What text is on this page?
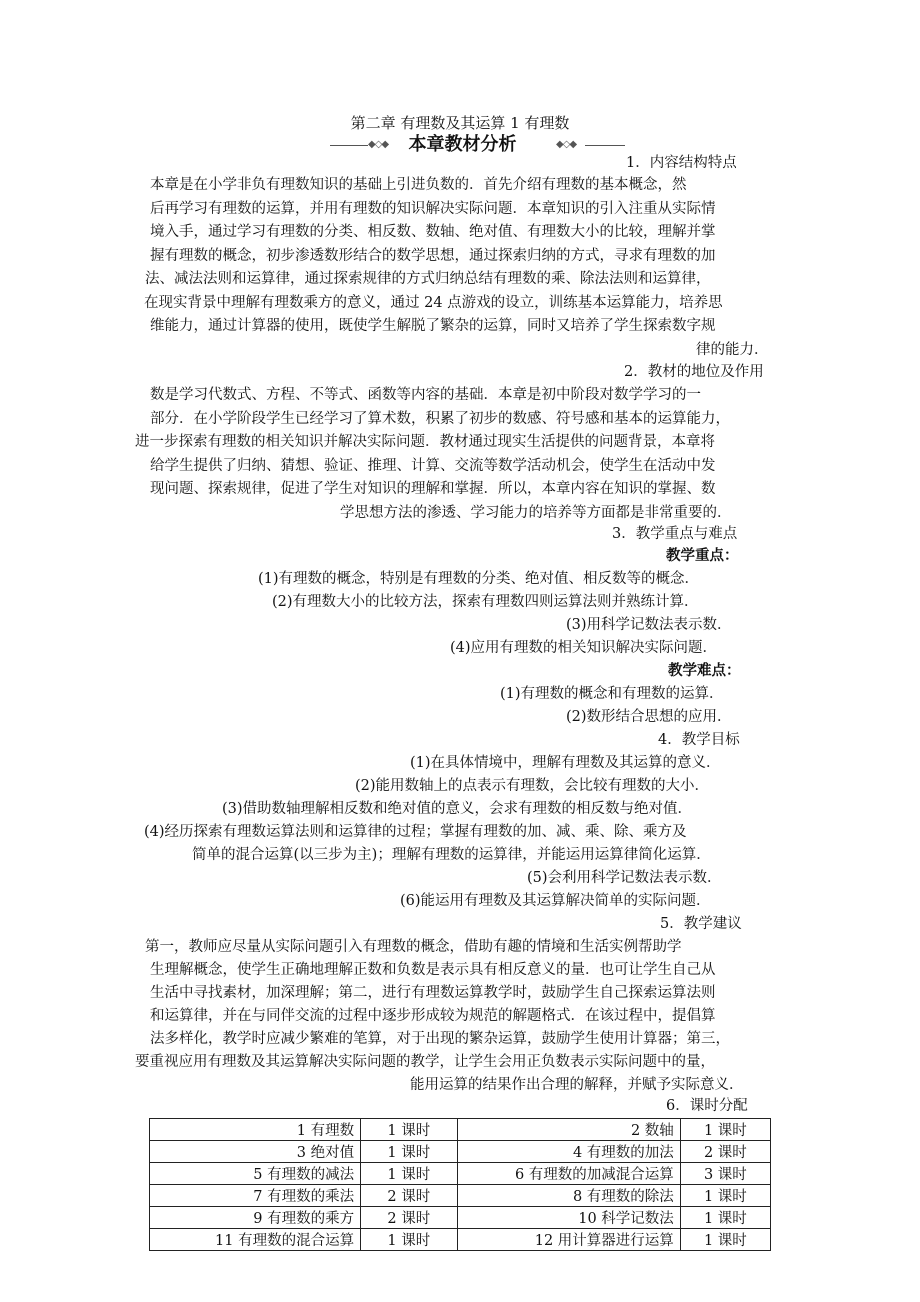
第二章 有理数及其运算 1 有理数
◆◇◆	本章教材分析	◆◇◆
1．内容结构特点
本章是在小学非负有理数知识的基础上引进负数的．首先介绍有理数的基本概念，然
后再学习有理数的运算，并用有理数的知识解决实际问题．本章知识的引入注重从实际情
境入手，通过学习有理数的分类、相反数、数轴、绝对值、有理数大小的比较，理解并掌
握有理数的概念，初步渗透数形结合的数学思想，通过探索归纳的方式，寻求有理数的加
法、减法法则和运算律，通过探索规律的方式归纳总结有理数的乘、除法法则和运算律，
在现实背景中理解有理数乘方的意义，通过 24 点游戏的设立，训练基本运算能力，培养思
维能力，通过计算器的使用，既使学生解脱了繁杂的运算，同时又培养了学生探索数字规
律的能力．
2．教材的地位及作用
数是学习代数式、方程、不等式、函数等内容的基础．本章是初中阶段对数学学习的一
部分．在小学阶段学生已经学习了算术数，积累了初步的数感、符号感和基本的运算能力，
进一步探索有理数的相关知识并解决实际问题．教材通过现实生活提供的问题背景，本章将
给学生提供了归纳、猜想、验证、推理、计算、交流等数学活动机会，使学生在活动中发
现问题、探索规律，促进了学生对知识的理解和掌握．所以，本章内容在知识的掌握、数
学思想方法的渗透、学习能力的培养等方面都是非常重要的．
3．教学重点与难点
教学重点：
(1)有理数的概念，特别是有理数的分类、绝对值、相反数等的概念．
(2)有理数大小的比较方法，探索有理数四则运算法则并熟练计算．
(3)用科学记数法表示数．
(4)应用有理数的相关知识解决实际问题．
教学难点：
(1)有理数的概念和有理数的运算．
(2)数形结合思想的应用．
4．教学目标
(1)在具体情境中，理解有理数及其运算的意义．
(2)能用数轴上的点表示有理数，会比较有理数的大小．
(3)借助数轴理解相反数和绝对值的意义，会求有理数的相反数与绝对值．
(4)经历探索有理数运算法则和运算律的过程；掌握有理数的加、减、乘、除、乘方及
简单的混合运算(以三步为主)；理解有理数的运算律，并能运用运算律简化运算．
(5)会利用科学记数法表示数．
(6)能运用有理数及其运算解决简单的实际问题．
5．教学建议
第一，教师应尽量从实际问题引入有理数的概念，借助有趣的情境和生活实例帮助学
生理解概念，使学生正确地理解正数和负数是表示具有相反意义的量．也可让学生自己从
生活中寻找素材，加深理解；第二，进行有理数运算教学时，鼓励学生自己探索运算法则
和运算律，并在与同伴交流的过程中逐步形成较为规范的解题格式．在该过程中，提倡算
法多样化，教学时应减少繁难的笔算，对于出现的繁杂运算，鼓励学生使用计算器；第三，
要重视应用有理数及其运算解决实际问题的教学，让学生会用正负数表示实际问题中的量，
能用运算的结果作出合理的解释，并赋予实际意义．
6．课时分配
1 有理数	1 课时	2 数轴	1 课时
3 绝对值	1 课时	4 有理数的加法	2 课时
5 有理数的减法	1 课时	6 有理数的加减混合运算	3 课时
7 有理数的乘法	2 课时	8 有理数的除法	1 课时
9 有理数的乘方	2 课时	10 科学记数法	1 课时
11 有理数的混合运算	1 课时	12 用计算器进行运算	1 课时
